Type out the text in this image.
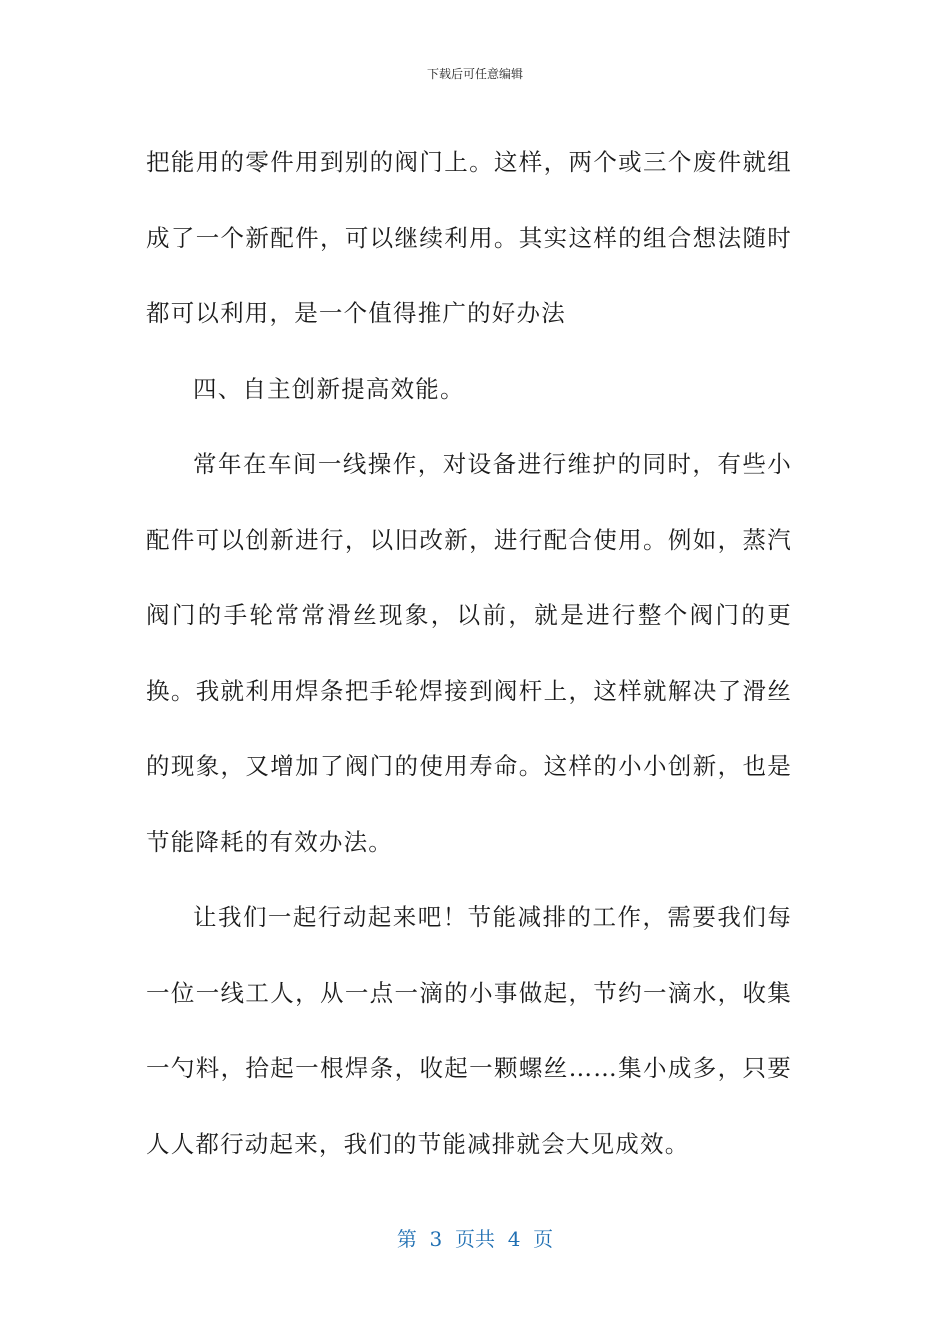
下载后可任意编辑

把能用的零件用到别的阀门上。这样，两个或三个废件就组成了一个新配件，可以继续利用。其实这样的组合想法随时都可以利用，是一个值得推广的好办法

四、自主创新提高效能。

常年在车间一线操作，对设备进行维护的同时，有些小配件可以创新进行，以旧改新，进行配合使用。例如，蒸汽阀门的手轮常常滑丝现象，以前，就是进行整个阀门的更换。我就利用焊条把手轮焊接到阀杆上，这样就解决了滑丝的现象，又增加了阀门的使用寿命。这样的小小创新，也是节能降耗的有效办法。

让我们一起行动起来吧！节能减排的工作，需要我们每一位一线工人，从一点一滴的小事做起，节约一滴水，收集一勺料，拾起一根焊条，收起一颗螺丝……集小成多，只要人人都行动起来，我们的节能减排就会大见成效。

第  3  页共  4  页
